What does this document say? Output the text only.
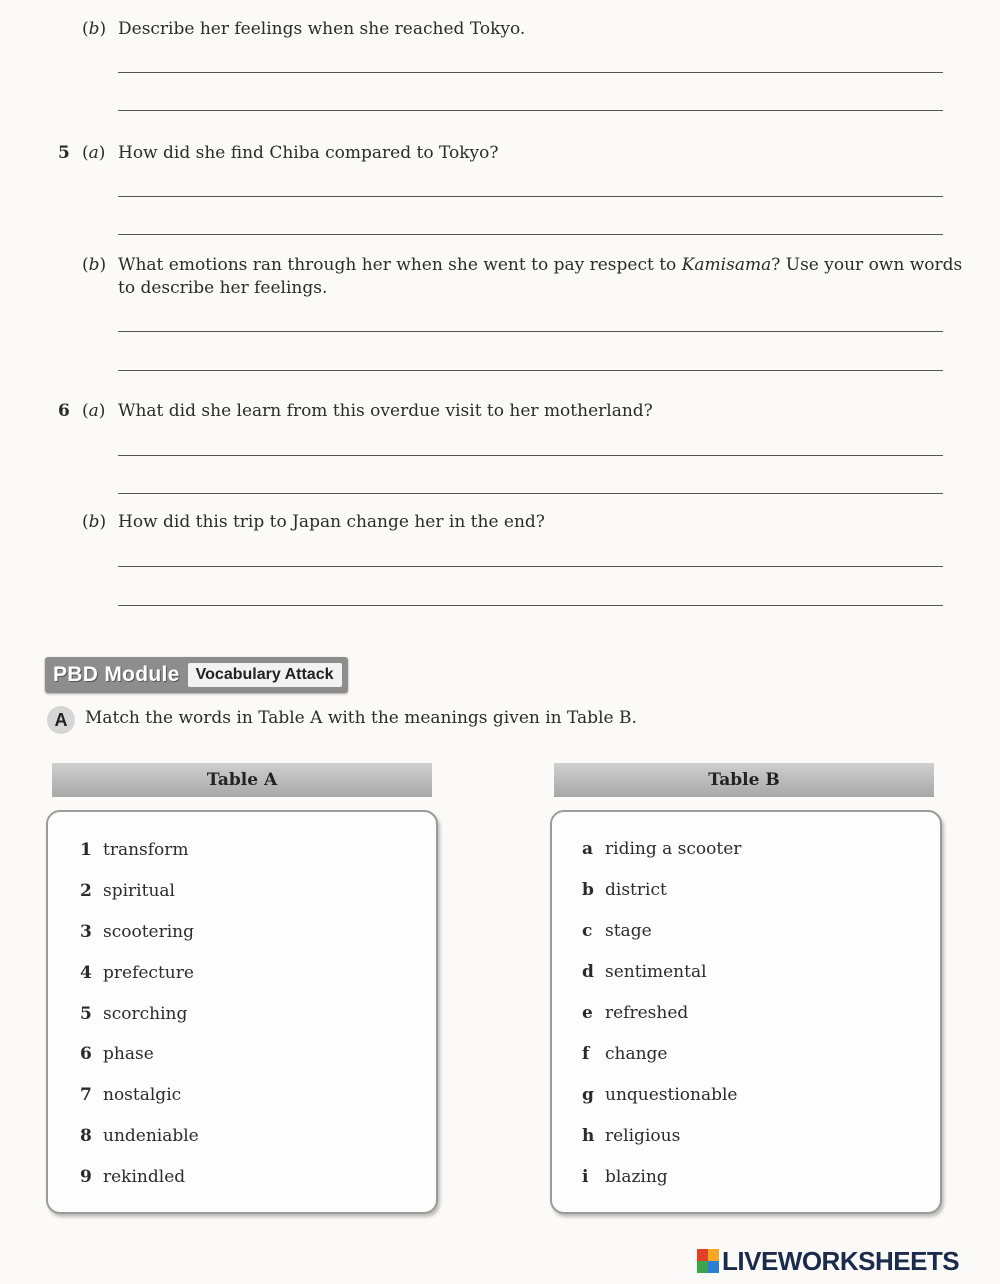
(b) Describe her feelings when she reached Tokyo.
5 (a) How did she find Chiba compared to Tokyo?
(b) What emotions ran through her when she went to pay respect to Kamisama? Use your own words
to describe her feelings.
6 (a) What did she learn from this overdue visit to her motherland?
(b) How did this trip to Japan change her in the end?
PBD Module	Vocabulary Attack
A	Match the words in Table A with the meanings given in Table B.
Table A
1 transform
2 spiritual
3 scootering
4 prefecture
5 scorching
6 phase
7 nostalgic
8 undeniable
9 rekindled
Table B
a riding a scooter
b district
c stage
d sentimental
e refreshed
f change
g unquestionable
h religious
i blazing
LIVEWORKSHEETS
